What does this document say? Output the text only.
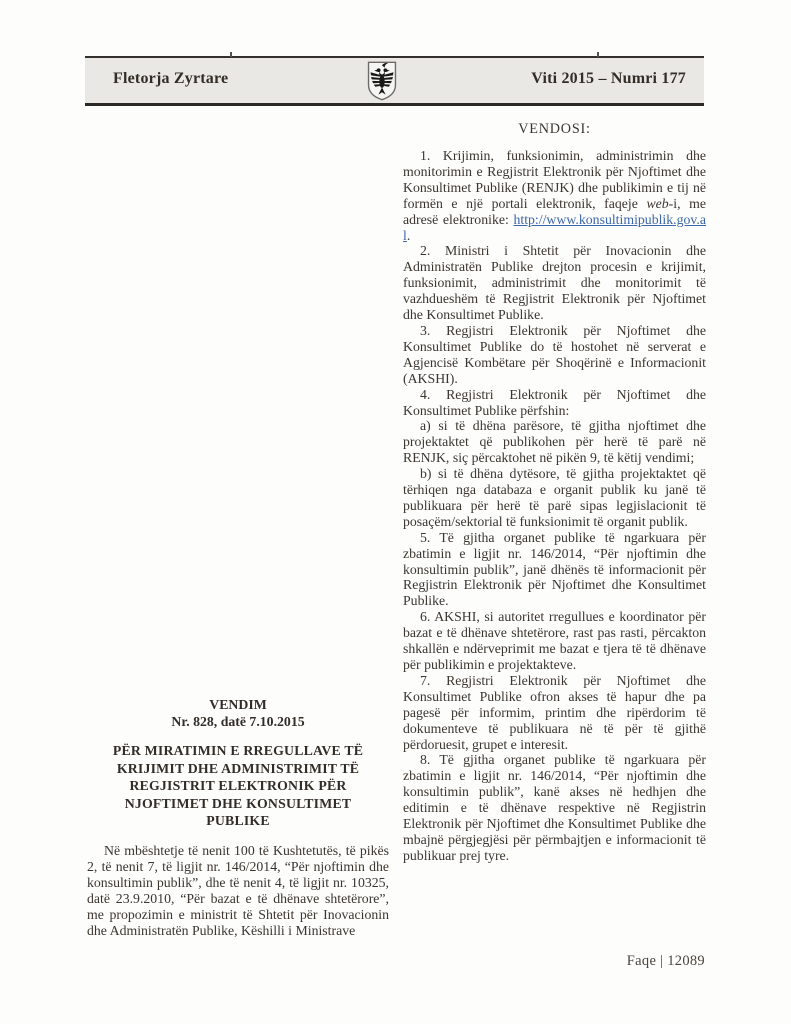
Fletorja Zyrtare	Viti 2015 – Numri 177
VENDIM
Nr. 828, datë 7.10.2015
PËR MIRATIMIN E RREGULLAVE TË
KRIJIMIT DHE ADMINISTRIMIT TË
REGJISTRIT ELEKTRONIK PËR
NJOFTIMET DHE KONSULTIMET
PUBLIKE

Në mbështetje të nenit 100 të Kushtetutës, të pikës 2, të nenit 7, të ligjit nr. 146/2014, “Për njoftimin dhe konsultimin publik”, dhe të nenit 4, të ligjit nr. 10325, datë 23.9.2010, “Për bazat e të dhënave shtetërore”, me propozimin e ministrit të Shtetit për Inovacionin dhe Administratën Publike, Këshilli i Ministrave

VENDOSI:

1. Krijimin, funksionimin, administrimin dhe monitorimin e Regjistrit Elektronik për Njoftimet dhe Konsultimet Publike (RENJK) dhe publikimin e tij në formën e një portali elektronik, faqeje web-i, me adresë elektronike: http://www.konsultimipublik.gov.al.

2. Ministri i Shtetit për Inovacionin dhe Administratën Publike drejton procesin e krijimit, funksionimit, administrimit dhe monitorimit të vazhdueshëm të Regjistrit Elektronik për Njoftimet dhe Konsultimet Publike.

3. Regjistri Elektronik për Njoftimet dhe Konsultimet Publike do të hostohet në serverat e Agjencisë Kombëtare për Shoqërinë e Informacionit (AKSHI).

4. Regjistri Elektronik për Njoftimet dhe Konsultimet Publike përfshin:

a) si të dhëna parësore, të gjitha njoftimet dhe projektaktet që publikohen për herë të parë në RENJK, siç përcaktohet në pikën 9, të këtij vendimi;

b) si të dhëna dytësore, të gjitha projektaktet që tërhiqen nga databaza e organit publik ku janë të publikuara për herë të parë sipas legjislacionit të posaçëm/sektorial të funksionimit të organit publik.

5. Të gjitha organet publike të ngarkuara për zbatimin e ligjit nr. 146/2014, “Për njoftimin dhe konsultimin publik”, janë dhënës të informacionit për Regjistrin Elektronik për Njoftimet dhe Konsultimet Publike.

6. AKSHI, si autoritet rregullues e koordinator për bazat e të dhënave shtetërore, rast pas rasti, përcakton shkallën e ndërveprimit me bazat e tjera të të dhënave për publikimin e projektakteve.

7. Regjistri Elektronik për Njoftimet dhe Konsultimet Publike ofron akses të hapur dhe pa pagesë për informim, printim dhe ripërdorim të dokumenteve të publikuara në të për të gjithë përdoruesit, grupet e interesit.

8. Të gjitha organet publike të ngarkuara për zbatimin e ligjit nr. 146/2014, “Për njoftimin dhe konsultimin publik”, kanë akses në hedhjen dhe editimin e të dhënave respektive në Regjistrin Elektronik për Njoftimet dhe Konsultimet Publike dhe mbajnë përgjegjësi për përmbajtjen e informacionit të publikuar prej tyre.

Faqe | 12089
